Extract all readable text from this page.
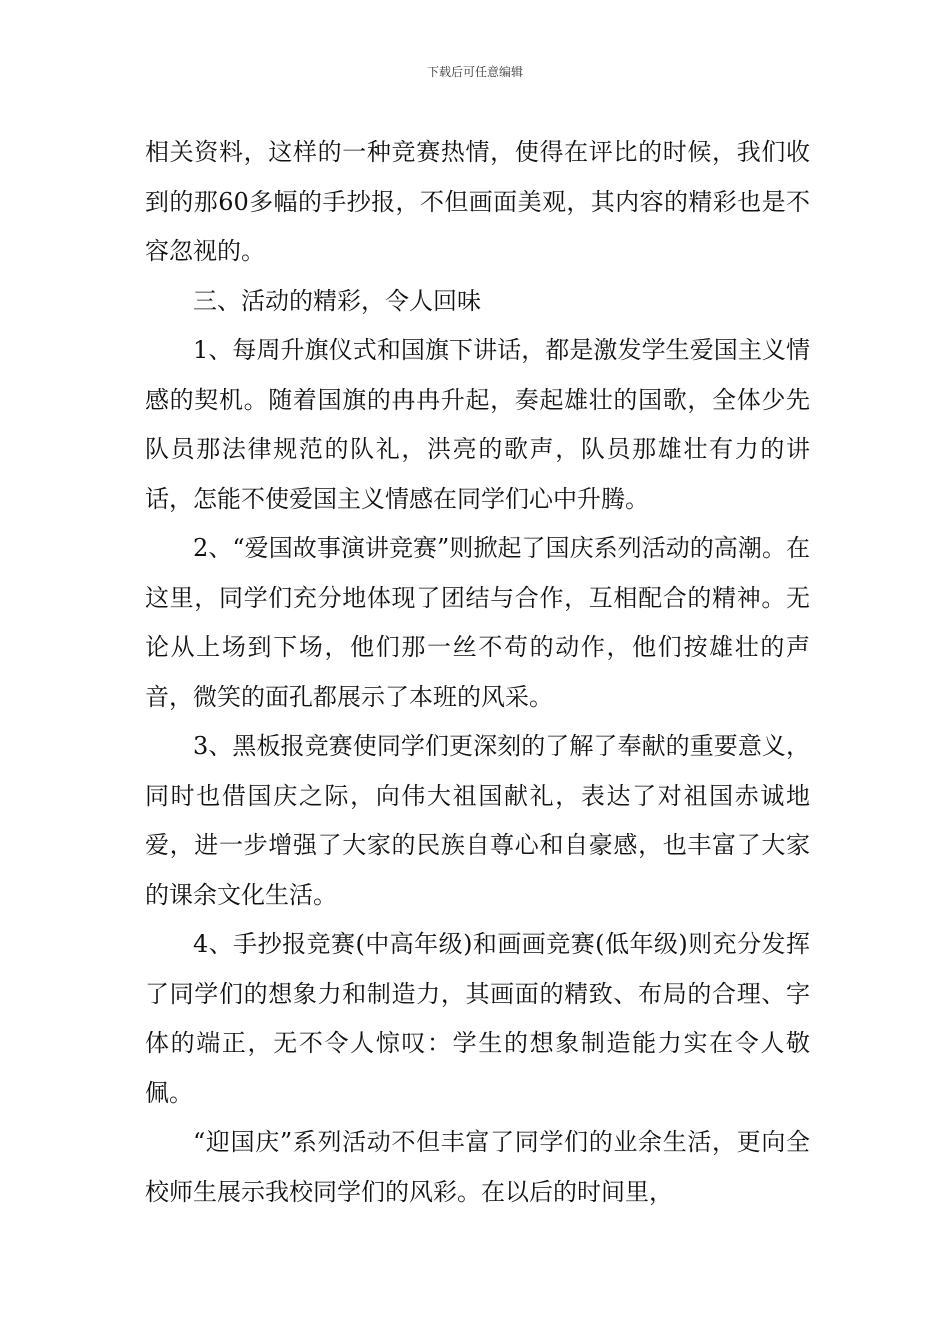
下载后可任意编辑

相关资料，这样的一种竞赛热情，使得在评比的时候，我们收到的那60多幅的手抄报，不但画面美观，其内容的精彩也是不容忽视的。

三、活动的精彩，令人回味

1、每周升旗仪式和国旗下讲话，都是激发学生爱国主义情感的契机。随着国旗的冉冉升起，奏起雄壮的国歌，全体少先队员那法律规范的队礼，洪亮的歌声，队员那雄壮有力的讲话，怎能不使爱国主义情感在同学们心中升腾。

2、“爱国故事演讲竞赛”则掀起了国庆系列活动的高潮。在这里，同学们充分地体现了团结与合作，互相配合的精神。无论从上场到下场，他们那一丝不苟的动作，他们按雄壮的声音，微笑的面孔都展示了本班的风采。

3、黑板报竞赛使同学们更深刻的了解了奉献的重要意义，同时也借国庆之际，向伟大祖国献礼，表达了对祖国赤诚地爱，进一步增强了大家的民族自尊心和自豪感，也丰富了大家的课余文化生活。

4、手抄报竞赛(中高年级)和画画竞赛(低年级)则充分发挥了同学们的想象力和制造力，其画面的精致、布局的合理、字体的端正，无不令人惊叹：学生的想象制造能力实在令人敬佩。

“迎国庆”系列活动不但丰富了同学们的业余生活，更向全校师生展示我校同学们的风彩。在以后的时间里，
